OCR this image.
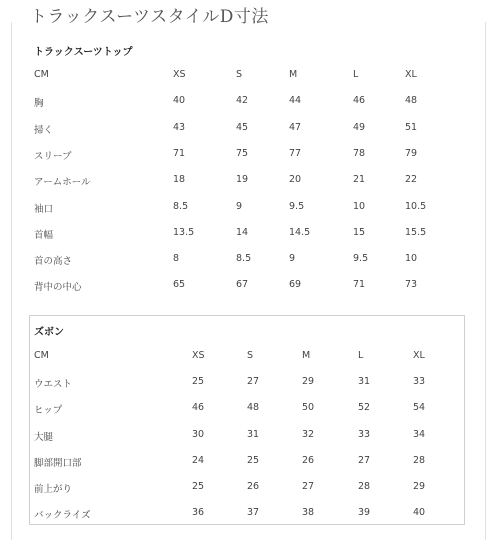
トラックスーツスタイルD寸法
トラックスーツトップ
CM	XS	S	M	L	XL
胸	40	42	44	46	48
掃く	43	45	47	49	51
スリーブ	71	75	77	78	79
アームホール	18	19	20	21	22
袖口	8.5	9	9.5	10	10.5
首幅	13.5	14	14.5	15	15.5
首の高さ	8	8.5	9	9.5	10
背中の中心	65	67	69	71	73
ズボン
CM	XS	S	M	L	XL
ウエスト	25	27	29	31	33
ヒップ	46	48	50	52	54
大腿	30	31	32	33	34
脚部開口部	24	25	26	27	28
前上がり	25	26	27	28	29
バックライズ	36	37	38	39	40
